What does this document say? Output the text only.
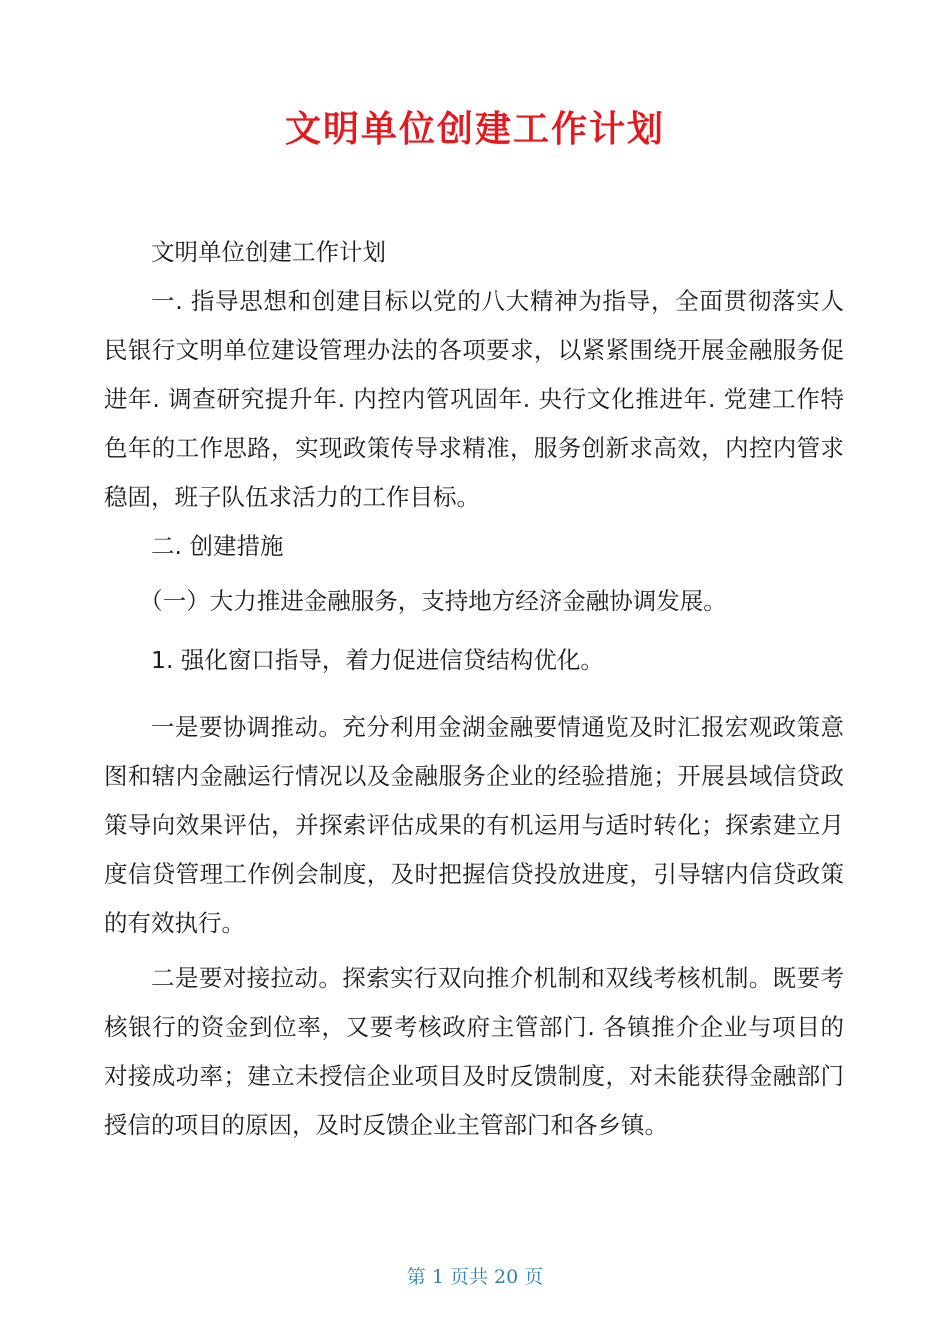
文明单位创建工作计划

文明单位创建工作计划

一. 指导思想和创建目标以党的八大精神为指导，全面贯彻落实人民银行文明单位建设管理办法的各项要求，以紧紧围绕开展金融服务促进年. 调查研究提升年. 内控内管巩固年. 央行文化推进年. 党建工作特色年的工作思路，实现政策传导求精准，服务创新求高效，内控内管求稳固，班子队伍求活力的工作目标。

二. 创建措施

（一）大力推进金融服务，支持地方经济金融协调发展。

1. 强化窗口指导，着力促进信贷结构优化。

一是要协调推动。充分利用金湖金融要情通览及时汇报宏观政策意图和辖内金融运行情况以及金融服务企业的经验措施；开展县域信贷政策导向效果评估，并探索评估成果的有机运用与适时转化；探索建立月度信贷管理工作例会制度，及时把握信贷投放进度，引导辖内信贷政策的有效执行。

二是要对接拉动。探索实行双向推介机制和双线考核机制。既要考核银行的资金到位率，又要考核政府主管部门. 各镇推介企业与项目的对接成功率；建立未授信企业项目及时反馈制度，对未能获得金融部门授信的项目的原因，及时反馈企业主管部门和各乡镇。

第 1 页共 20 页
